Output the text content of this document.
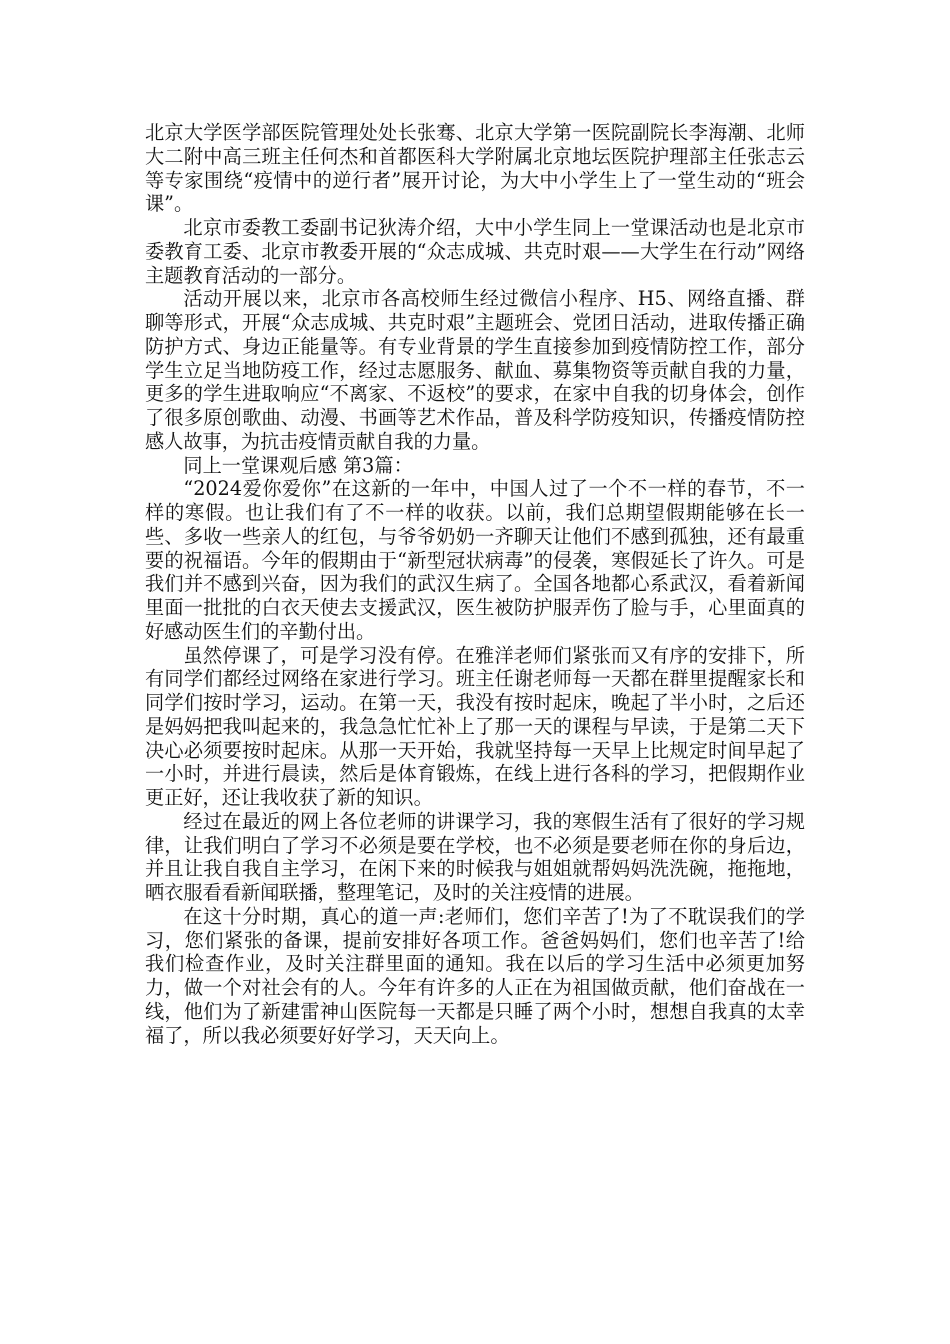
北京大学医学部医院管理处处长张骞、北京大学第一医院副院长李海潮、北师大二附中高三班主任何杰和首都医科大学附属北京地坛医院护理部主任张志云等专家围绕“疫情中的逆行者”展开讨论，为大中小学生上了一堂生动的“班会课”。

北京市委教工委副书记狄涛介绍，大中小学生同上一堂课活动也是北京市委教育工委、北京市教委开展的“众志成城、共克时艰——大学生在行动”网络主题教育活动的一部分。

活动开展以来，北京市各高校师生经过微信小程序、H5、网络直播、群聊等形式，开展“众志成城、共克时艰”主题班会、党团日活动，进取传播正确防护方式、身边正能量等。有专业背景的学生直接参加到疫情防控工作，部分学生立足当地防疫工作，经过志愿服务、献血、募集物资等贡献自我的力量，更多的学生进取响应“不离家、不返校”的要求，在家中自我的切身体会，创作了很多原创歌曲、动漫、书画等艺术作品，普及科学防疫知识，传播疫情防控感人故事，为抗击疫情贡献自我的力量。

同上一堂课观后感 第3篇：

“2024爱你爱你”在这新的一年中，中国人过了一个不一样的春节，不一样的寒假。也让我们有了不一样的收获。以前，我们总期望假期能够在长一些、多收一些亲人的红包，与爷爷奶奶一齐聊天让他们不感到孤独，还有最重要的祝福语。今年的假期由于“新型冠状病毒”的侵袭，寒假延长了许久。可是我们并不感到兴奋，因为我们的武汉生病了。全国各地都心系武汉，看着新闻里面一批批的白衣天使去支援武汉，医生被防护服弄伤了脸与手，心里面真的好感动医生们的辛勤付出。

虽然停课了，可是学习没有停。在雅洋老师们紧张而又有序的安排下，所有同学们都经过网络在家进行学习。班主任谢老师每一天都在群里提醒家长和同学们按时学习，运动。在第一天，我没有按时起床，晚起了半小时，之后还是妈妈把我叫起来的，我急急忙忙补上了那一天的课程与早读，于是第二天下决心必须要按时起床。从那一天开始，我就坚持每一天早上比规定时间早起了一小时，并进行晨读，然后是体育锻炼，在线上进行各科的学习，把假期作业更正好，还让我收获了新的知识。

经过在最近的网上各位老师的讲课学习，我的寒假生活有了很好的学习规律，让我们明白了学习不必须是要在学校，也不必须是要老师在你的身后边，并且让我自我自主学习，在闲下来的时候我与姐姐就帮妈妈洗洗碗，拖拖地，晒衣服看看新闻联播，整理笔记，及时的关注疫情的进展。

在这十分时期，真心的道一声:老师们，您们辛苦了!为了不耽误我们的学习，您们紧张的备课，提前安排好各项工作。爸爸妈妈们，您们也辛苦了!给我们检查作业，及时关注群里面的通知。我在以后的学习生活中必须更加努力，做一个对社会有的人。今年有许多的人正在为祖国做贡献，他们奋战在一线，他们为了新建雷神山医院每一天都是只睡了两个小时，想想自我真的太幸福了，所以我必须要好好学习，天天向上。
